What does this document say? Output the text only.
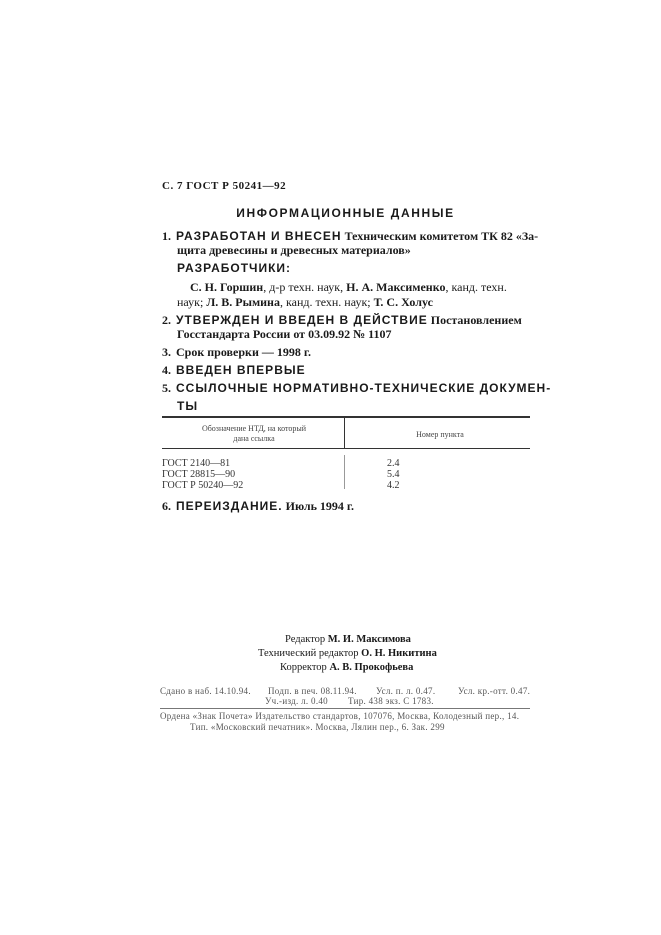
С. 7 ГОСТ Р 50241—92
ИНФОРМАЦИОННЫЕ ДАННЫЕ
1. РАЗРАБОТАН И ВНЕСЕН Техническим комитетом ТК 82 «За-
щита древесины и древесных материалов»
РАЗРАБОТЧИКИ:
С. Н. Горшин, д-р техн. наук, Н. А. Максименко, канд. техн.
наук; Л. В. Рымина, канд. техн. наук; Т. С. Холус
2. УТВЕРЖДЕН И ВВЕДЕН В ДЕЙСТВИЕ Постановлением
Госстандарта России от 03.09.92 № 1107
3. Срок проверки — 1998 г.
4. ВВЕДЕН ВПЕРВЫЕ
5. ССЫЛОЧНЫЕ НОРМАТИВНО-ТЕХНИЧЕСКИЕ ДОКУМЕН-
ТЫ
Обозначение НТД, на который
дана ссылка	Номер пункта
ГОСТ 2140—81	2.4
ГОСТ 28815—90	5.4
ГОСТ Р 50240—92	4.2
6. ПЕРЕИЗДАНИЕ. Июль 1994 г.
Редактор М. И. Максимова
Технический редактор О. Н. Никитина
Корректор А. В. Прокофьева
Сдано в наб. 14.10.94. Подп. в печ. 08.11.94. Усл. п. л. 0.47.	Усл. кр.-отт. 0.47.
Уч.-изд. л. 0.40 Тир. 438 экз. С 1783.
Ордена «Знак Почета» Издательство стандартов, 107076, Москва, Колодезный пер., 14.
Тип. «Московский печатник». Москва, Лялин пер., 6. Зак. 299
